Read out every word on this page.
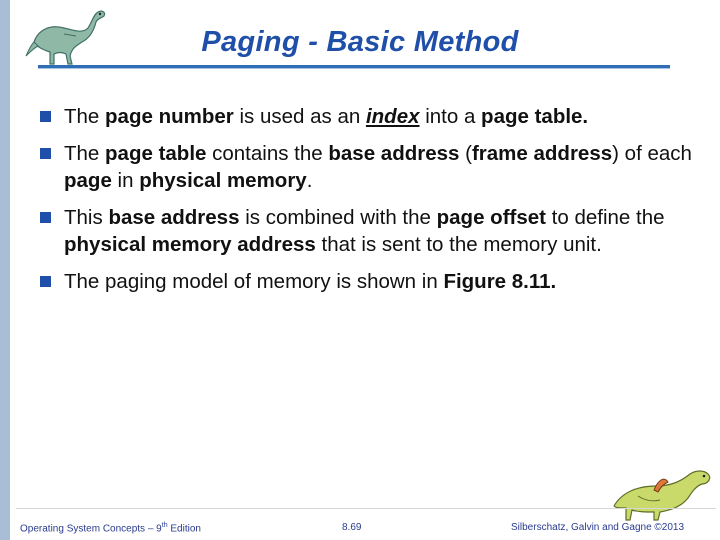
Paging - Basic Method
The page number is used as an index into a page table.
The page table contains the base address (frame address) of each page in physical memory.
This base address is combined with the page offset to define the physical memory address that is sent to the memory unit.
The paging model of memory is shown in Figure 8.11.
Operating System Concepts – 9th Edition	8.69	Silberschatz, Galvin and Gagne ©2013
